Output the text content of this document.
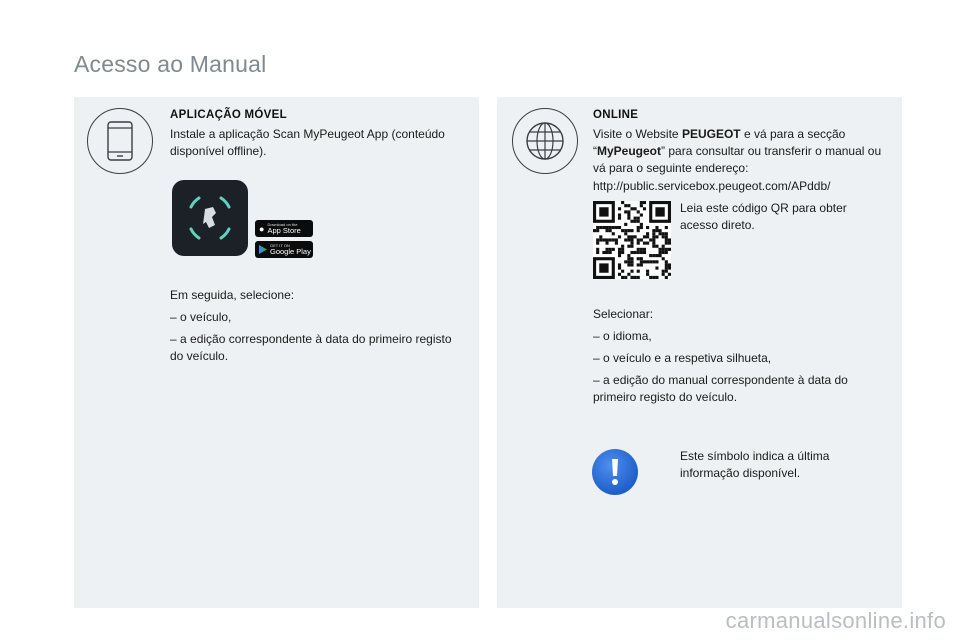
Acesso ao Manual
APLICAÇÃO MÓVEL
Instale a aplicação Scan MyPeugeot App (conteúdo disponível offline).
● Download on the
App Store
GET IT ON
Google Play

Em seguida, selecione:

– o veículo,

– a edição correspondente à data do primeiro registo do veículo.

ONLINE
Visite o Website PEUGEOT e vá para a secção “MyPeugeot” para consultar ou transferir o manual ou vá para o seguinte endereço:
http://public.servicebox.peugeot.com/APddb/
Leia este código QR para obter acesso direto.

Selecionar:

– o idioma,

– o veículo e a respetiva silhueta,

– a edição do manual correspondente à data do primeiro registo do veículo.

Este símbolo indica a última informação disponível.
carmanualsonline.info
